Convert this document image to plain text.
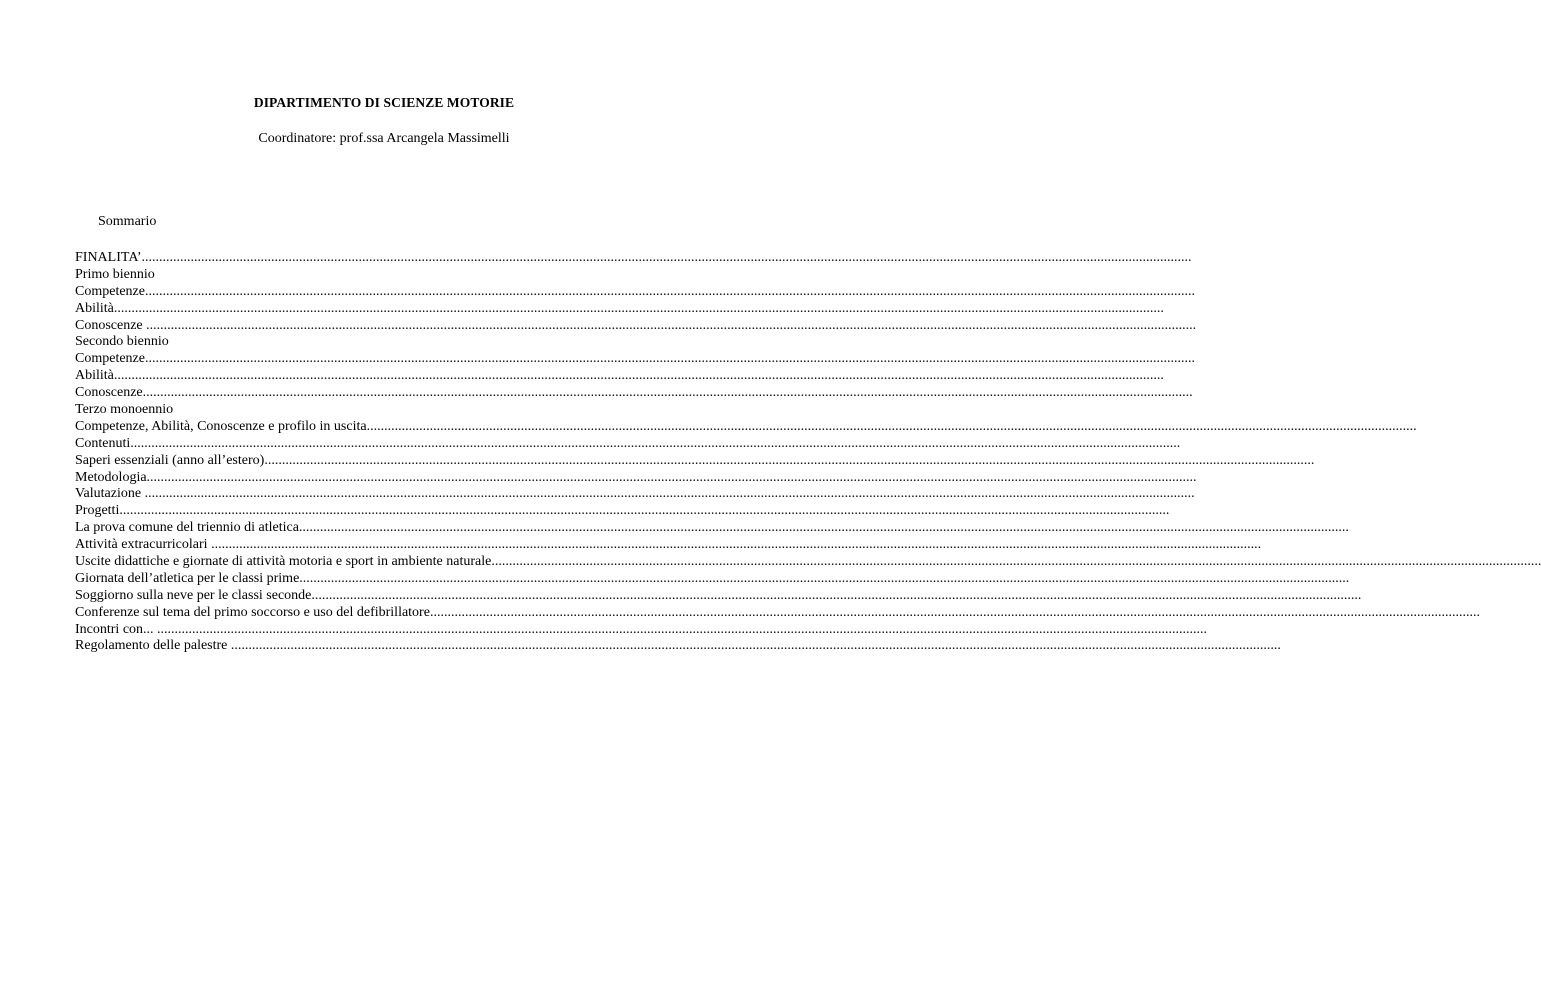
DIPARTIMENTO DI SCIENZE MOTORIE
Coordinatore: prof.ssa Arcangela Massimelli
Sommario
FINALITA’............................................................................................................................................................................................................................................................................................................
Primo biennio
Competenze............................................................................................................................................................................................................................................................................................................
Abilità............................................................................................................................................................................................................................................................................................................
Conoscenze ............................................................................................................................................................................................................................................................................................................
Secondo biennio
Competenze............................................................................................................................................................................................................................................................................................................
Abilità............................................................................................................................................................................................................................................................................................................
Conoscenze............................................................................................................................................................................................................................................................................................................
Terzo monoennio
Competenze, Abilità, Conoscenze e profilo in uscita............................................................................................................................................................................................................................................................................................................
Contenuti............................................................................................................................................................................................................................................................................................................
Saperi essenziali (anno all’estero)............................................................................................................................................................................................................................................................................................................
Metodologia............................................................................................................................................................................................................................................................................................................
Valutazione ............................................................................................................................................................................................................................................................................................................
Progetti............................................................................................................................................................................................................................................................................................................
La prova comune del triennio di atletica............................................................................................................................................................................................................................................................................................................
Attività extracurricolari ............................................................................................................................................................................................................................................................................................................
Uscite didattiche e giornate di attività motoria e sport in ambiente naturale............................................................................................................................................................................................................................................................................................................
Giornata dell’atletica per le classi prime............................................................................................................................................................................................................................................................................................................
Soggiorno sulla neve per le classi seconde............................................................................................................................................................................................................................................................................................................
Conferenze sul tema del primo soccorso e uso del defibrillatore............................................................................................................................................................................................................................................................................................................
Incontri con... ............................................................................................................................................................................................................................................................................................................
Regolamento delle palestre ............................................................................................................................................................................................................................................................................................................
